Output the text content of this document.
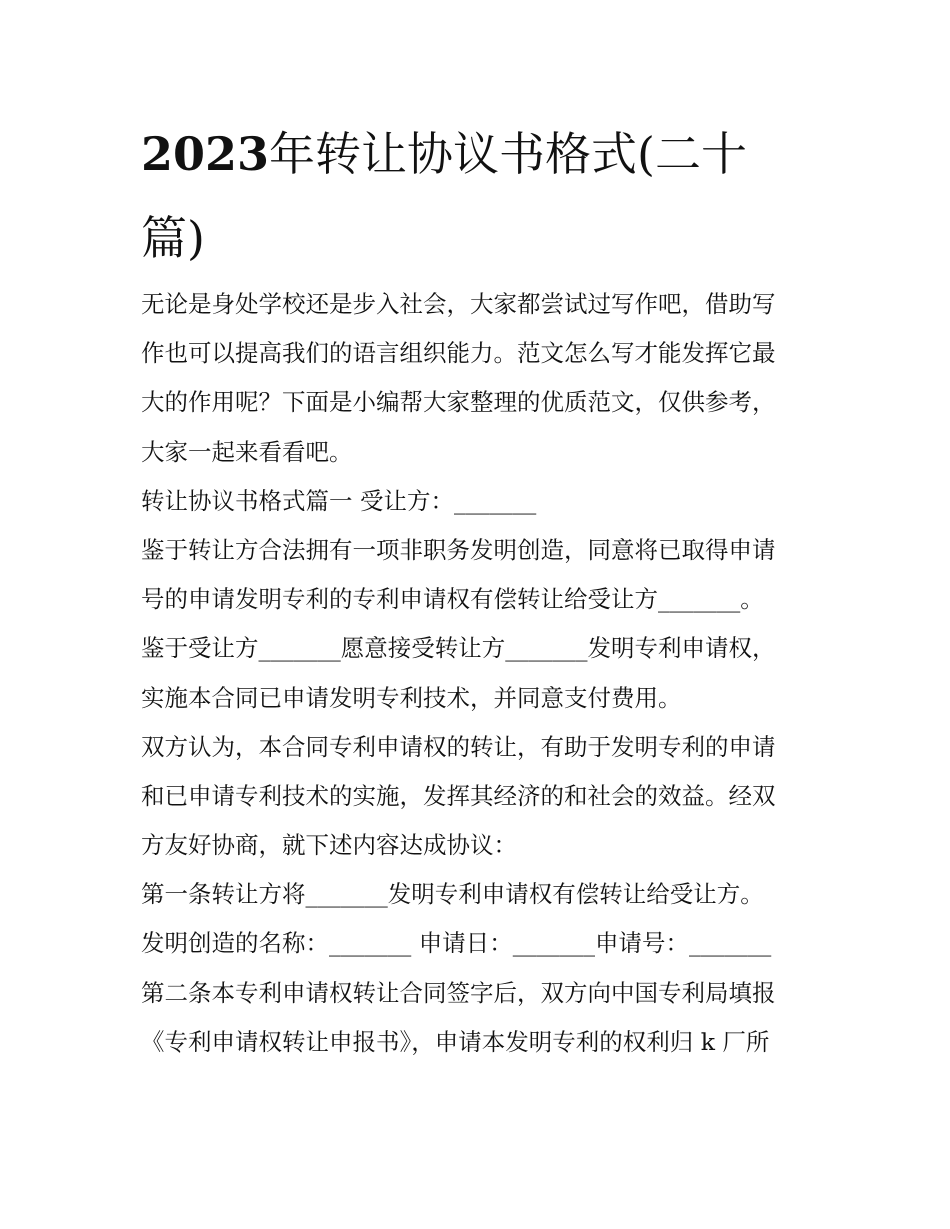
2023年转让协议书格式(二十
篇)
无论是身处学校还是步入社会，大家都尝试过写作吧，借助写
作也可以提高我们的语言组织能力。范文怎么写才能发挥它最
大的作用呢？下面是小编帮大家整理的优质范文，仅供参考，
大家一起来看看吧。
转让协议书格式篇一 受让方：_______
鉴于转让方合法拥有一项非职务发明创造，同意将已取得申请
号的申请发明专利的专利申请权有偿转让给受让方_______。
鉴于受让方_______愿意接受转让方_______发明专利申请权，
实施本合同已申请发明专利技术，并同意支付费用。
双方认为，本合同专利申请权的转让，有助于发明专利的申请
和已申请专利技术的实施，发挥其经济的和社会的效益。经双
方友好协商，就下述内容达成协议：
第一条转让方将_______发明专利申请权有偿转让给受让方。
发明创造的名称：_______ 申请日：_______申请号：_______
第二条本专利申请权转让合同签字后，双方向中国专利局填报
《专利申请权转让申报书》，申请本发明专利的权利归 k 厂所
